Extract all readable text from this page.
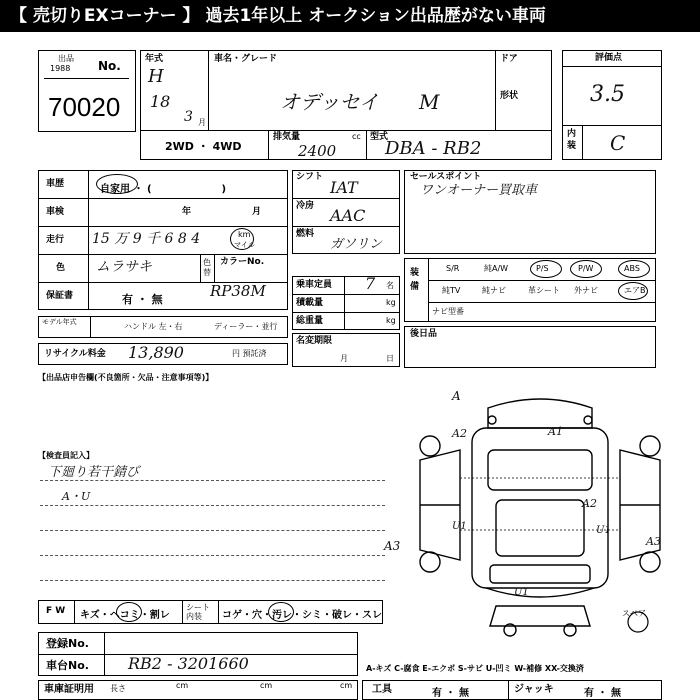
【 売切りEXコーナー 】 過去1年以上 オークション出品歴がない車両
出品
1988 No.
70020
年式
H
18
3 月
車名・グレード
オデッセイ　　M
ドア
形状
2WD ・ 4WD
排気量	cc
2400
型式
DBA - RB2
評価点
3.5
内装 C
車歴	自家用 ・ (　　　　　　　)
車検	年	月
走行 15 万 9 千 6 8 4	km
マイル
色 ムラサキ	色替
カラーNo.
RP38M
保証書	有 ・ 無
モデル年式	ハンドル 左・右	ディーラー・並行
リサイクル料金 13,890	円 預託済
シフト
IAT
冷房 AAC
燃料
ガソリン
乗車定員 7 名
積載量	kg
総重量	kg
名変期限
月	日
セールスポイント
ワンオーナー買取車
装備
S/R	純A/W	P/S	P/W	ABS
純TV	純ナビ	革シート 外ナビ	エアB
ナビ型番
後日品
【出品店申告欄(不良箇所・欠品・注意事項等)】
【検査員記入】
下廻り若干錆び
A・U
A
A2
A2
A1
A3	A3
U1	U1
U1
スペア
F W キズ・ヘコミ・割レ
シート内装	コゲ・穴・汚レ・シミ・破レ・スレ
登録No.
車台No. RB2 - 3201660
車庫証明用 長さ	cm	cm	cm
A-キズ C-腐食 E-エクボ S-サビ U-凹ミ W-補修 XX-交換済
工具	有 ・ 無	ジャッキ	有 ・ 無
